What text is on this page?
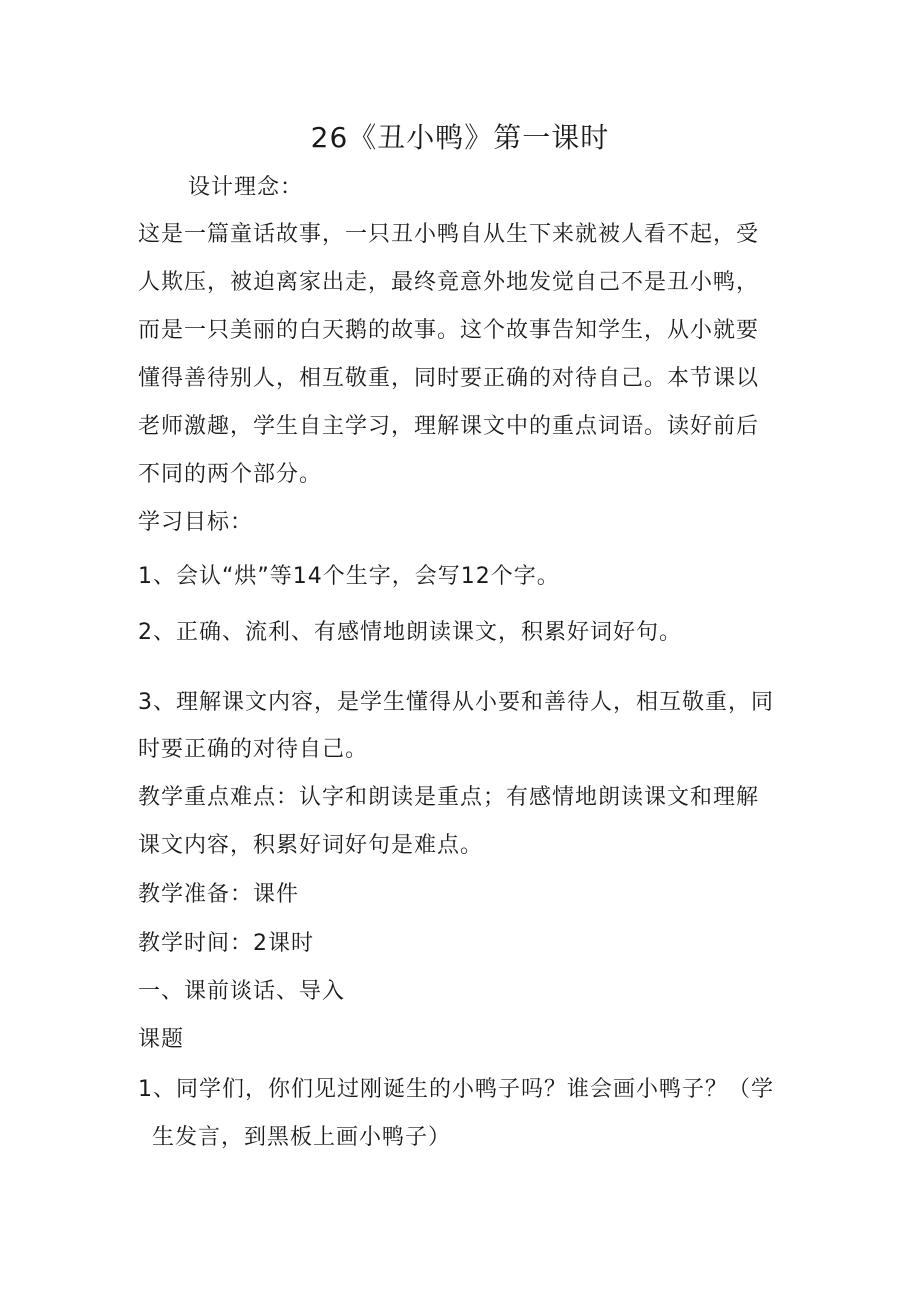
26《丑小鸭》第一课时
设计理念：
这是一篇童话故事，一只丑小鸭自从生下来就被人看不起，受
人欺压，被迫离家出走，最终竟意外地发觉自己不是丑小鸭，
而是一只美丽的白天鹅的故事。这个故事告知学生，从小就要
懂得善待别人，相互敬重，同时要正确的对待自己。本节课以
老师激趣，学生自主学习，理解课文中的重点词语。读好前后
不同的两个部分。
学习目标：
1、会认“烘”等14个生字，会写12个字。
2、正确、流利、有感情地朗读课文，积累好词好句。
3、理解课文内容，是学生懂得从小要和善待人，相互敬重，同
时要正确的对待自己。
教学重点难点：认字和朗读是重点；有感情地朗读课文和理解
课文内容，积累好词好句是难点。
教学准备：课件
教学时间：2课时
一、课前谈话、导入
课题
1、同学们，你们见过刚诞生的小鸭子吗？谁会画小鸭子？（学
生发言，到黑板上画小鸭子）
